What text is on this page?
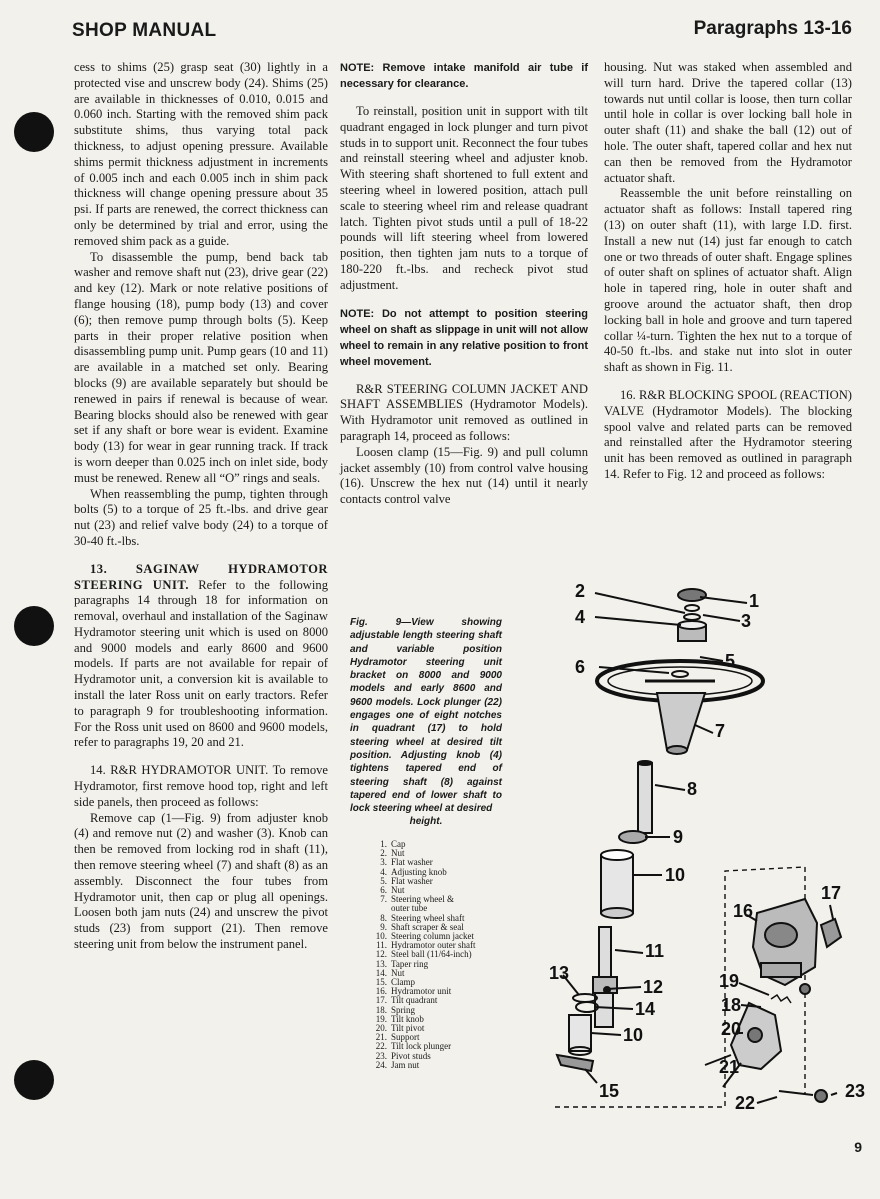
SHOP MANUAL	Paragraphs 13-16

cess to shims (25) grasp seat (30) lightly in a protected vise and unscrew body (24). Shims (25) are available in thicknesses of 0.010, 0.015 and 0.060 inch. Starting with the removed shim pack substitute shims, thus varying total pack thickness, to adjust opening pressure. Available shims permit thickness adjustment in increments of 0.005 inch and each 0.005 inch in shim pack thickness will change opening pressure about 35 psi. If parts are renewed, the correct thickness can only be determined by trial and error, using the removed shim pack as a guide.

To disassemble the pump, bend back tab washer and remove shaft nut (23), drive gear (22) and key (12). Mark or note relative positions of flange housing (18), pump body (13) and cover (6); then remove pump through bolts (5). Keep parts in their proper relative position when disassembling pump unit. Pump gears (10 and 11) are available in a matched set only. Bearing blocks (9) are available separately but should be renewed in pairs if renewal is because of wear. Bearing blocks should also be renewed with gear set if any shaft or bore wear is evident. Examine body (13) for wear in gear running track. If track is worn deeper than 0.025 inch on inlet side, body must be renewed. Renew all “O” rings and seals.

When reassembling the pump, tighten through bolts (5) to a torque of 25 ft.-lbs. and drive gear nut (23) and relief valve body (24) to a torque of 30-40 ft.-lbs.

13. SAGINAW HYDRAMOTOR STEERING UNIT. Refer to the following paragraphs 14 through 18 for information on removal, overhaul and installation of the Saginaw Hydramotor steering unit which is used on 8000 and 9000 models and early 8600 and 9600 models. If parts are not available for repair of Hydramotor unit, a conversion kit is available to install the later Ross unit on early tractors. Refer to paragraph 9 for troubleshooting information. For the Ross unit used on 8600 and 9600 models, refer to paragraphs 19, 20 and 21.

14. R&R HYDRAMOTOR UNIT. To remove Hydramotor, first remove hood top, right and left side panels, then proceed as follows:

Remove cap (1—Fig. 9) from adjuster knob (4) and remove nut (2) and washer (3). Knob can then be removed from locking rod in shaft (11), then remove steering wheel (7) and shaft (8) as an assembly. Disconnect the four tubes from Hydramotor unit, then cap or plug all openings. Loosen both jam nuts (24) and unscrew the pivot studs (23) from support (21). Then remove steering unit from below the instrument panel.

NOTE: Remove intake manifold air tube if necessary for clearance.

To reinstall, position unit in support with tilt quadrant engaged in lock plunger and turn pivot studs in to support unit. Reconnect the four tubes and reinstall steering wheel and adjuster knob. With steering shaft shortened to full extent and steering wheel in lowered position, attach pull scale to steering wheel rim and release quadrant latch. Tighten pivot studs until a pull of 18-22 pounds will lift steering wheel from lowered position, then tighten jam nuts to a torque of 180-220 ft.-lbs. and recheck pivot stud adjustment.

NOTE: Do not attempt to position steering wheel on shaft as slippage in unit will not allow wheel to remain in any relative position to front wheel movement.

R&R STEERING COLUMN JACKET AND SHAFT ASSEMBLIES (Hydramotor Models). With Hydramotor unit removed as outlined in paragraph 14, proceed as follows:

Loosen clamp (15—Fig. 9) and pull column jacket assembly (10) from control valve housing (16). Unscrew the hex nut (14) until it nearly contacts control valve

housing. Nut was staked when assembled and will turn hard. Drive the tapered collar (13) towards nut until collar is loose, then turn collar until hole in collar is over locking ball hole in outer shaft (11) and shake the ball (12) out of hole. The outer shaft, tapered collar and hex nut can then be removed from the Hydramotor actuator shaft.

Reassemble the unit before reinstalling on actuator shaft as follows: Install tapered ring (13) on outer shaft (11), with large I.D. first. Install a new nut (14) just far enough to catch one or two threads of outer shaft. Engage splines of outer shaft on splines of actuator shaft. Align hole in tapered ring, hole in outer shaft and groove around the actuator shaft, then drop locking ball in hole and groove and turn tapered collar ¼-turn. Tighten the hex nut to a torque of 40-50 ft.-lbs. and stake nut into slot in outer shaft as shown in Fig. 11.

16. R&R BLOCKING SPOOL (REACTION) VALVE (Hydramotor Models). The blocking spool valve and related parts can be removed and reinstalled after the Hydramotor steering unit has been removed as outlined in paragraph 14. Refer to Fig. 12 and proceed as follows:

Fig. 9—View showing adjustable length steering shaft and variable position Hydramotor steering unit bracket on 8000 and 9000 models and early 8600 and 9600 models. Lock plunger (22) engages one of eight notches in quadrant (17) to hold steering wheel at desired tilt position. Adjusting knob (4) tightens tapered end of steering shaft (8) against tapered end of lower shaft to lock steering wheel at desired
height.
1. Cap
2. Nut
3. Flat washer
4. Adjusting knob
5. Flat washer
6. Nut
7. Steering wheel &
outer tube
8. Steering wheel shaft
9. Shaft scraper & seal
10. Steering column jacket
11. Hydramotor outer shaft
12. Steel ball (11/64-inch)
13. Taper ring
14. Nut
15. Clamp
16. Hydramotor unit
17. Tilt quadrant
18. Spring
19. Tilt knob
20. Tilt pivot
21. Support
22. Tilt lock plunger
23. Pivot studs
24. Jam nut
1
2
3
4
5
6
7
8
9
10
11
12
13
14
10
15
16
17
18
19
20
21
22
23
9
